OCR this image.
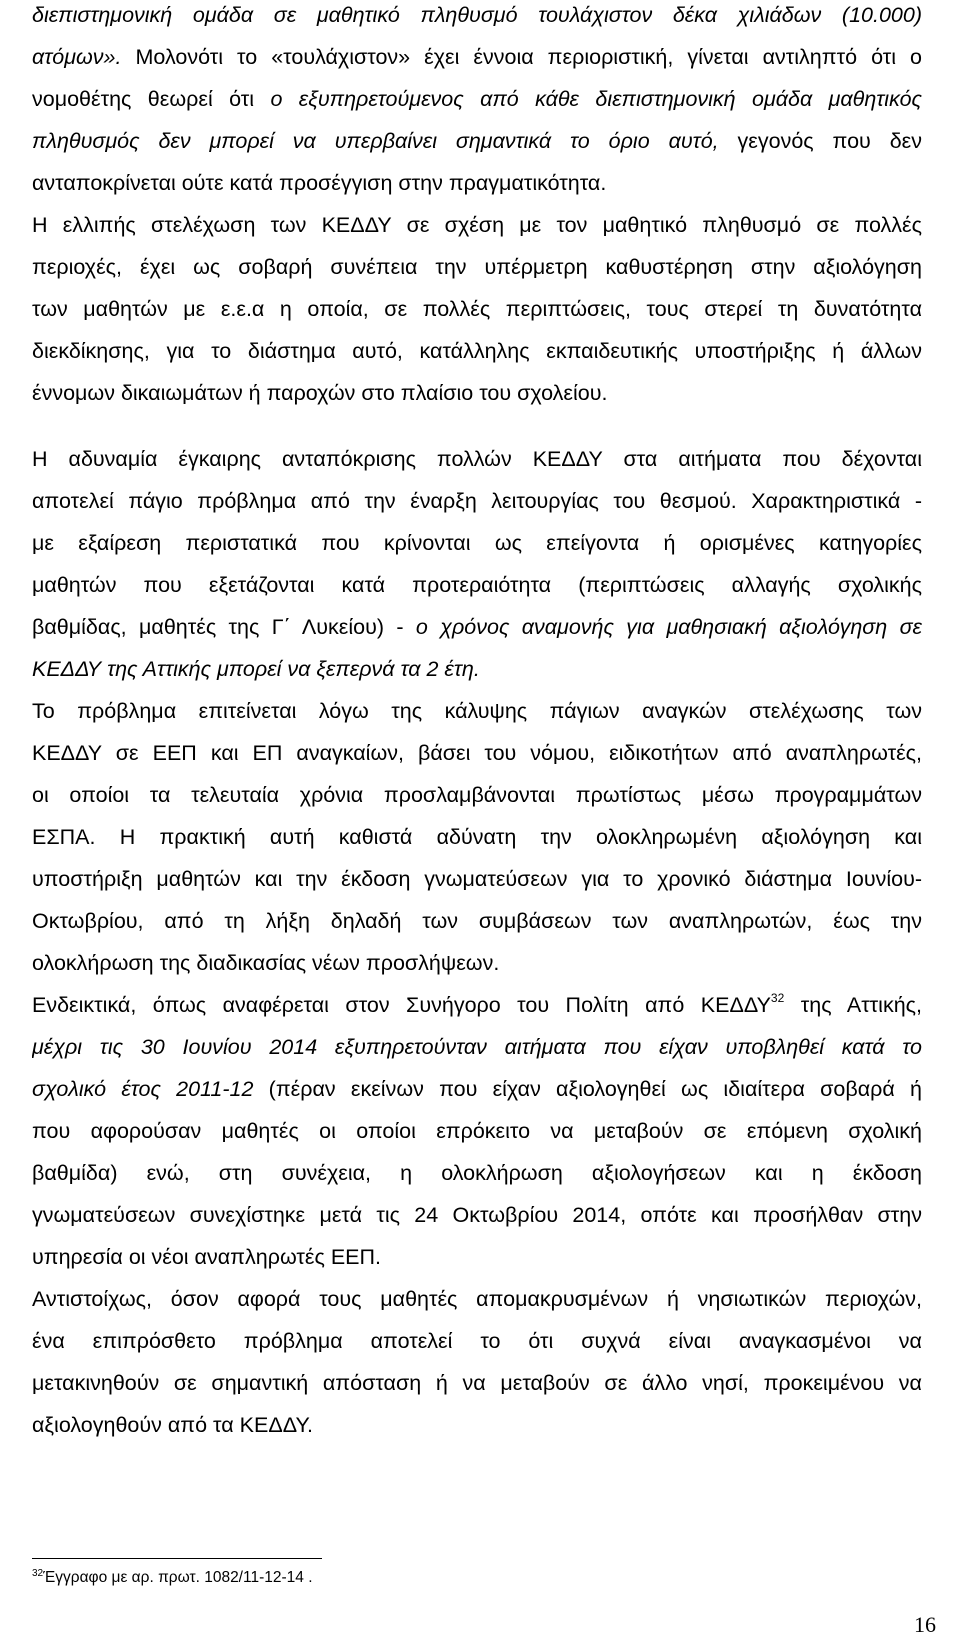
διεπιστημονική ομάδα σε μαθητικό πληθυσμό τουλάχιστον δέκα χιλιάδων (10.000)
ατόμων». Μολονότι το «τουλάχιστον» έχει έννοια περιοριστική, γίνεται αντιληπτό ότι ο
νομοθέτης θεωρεί ότι ο εξυπηρετούμενος από κάθε διεπιστημονική ομάδα μαθητικός
πληθυσμός δεν μπορεί να υπερβαίνει σημαντικά το όριο αυτό, γεγονός που δεν
ανταποκρίνεται ούτε κατά προσέγγιση στην πραγματικότητα.
Η ελλιπής στελέχωση των ΚΕΔΔΥ σε σχέση με τον μαθητικό πληθυσμό σε πολλές
περιοχές, έχει ως σοβαρή συνέπεια την υπέρμετρη καθυστέρηση στην αξιολόγηση
των μαθητών με ε.ε.α η οποία, σε πολλές περιπτώσεις, τους στερεί τη δυνατότητα
διεκδίκησης, για το διάστημα αυτό, κατάλληλης εκπαιδευτικής υποστήριξης ή άλλων
έννομων δικαιωμάτων ή παροχών στο πλαίσιο του σχολείου.
Η αδυναμία έγκαιρης ανταπόκρισης πολλών ΚΕΔΔΥ στα αιτήματα που δέχονται
αποτελεί πάγιο πρόβλημα από την έναρξη λειτουργίας του θεσμού. Χαρακτηριστικά -
με εξαίρεση περιστατικά που κρίνονται ως επείγοντα ή ορισμένες κατηγορίες
μαθητών που εξετάζονται κατά προτεραιότητα (περιπτώσεις αλλαγής σχολικής
βαθμίδας, μαθητές της Γ΄ Λυκείου) - ο χρόνος αναμονής για μαθησιακή αξιολόγηση σε
ΚΕΔΔΥ της Αττικής μπορεί να ξεπερνά τα 2 έτη.
Το πρόβλημα επιτείνεται λόγω της κάλυψης πάγιων αναγκών στελέχωσης των
ΚΕΔΔΥ σε ΕΕΠ και ΕΠ αναγκαίων, βάσει του νόμου, ειδικοτήτων από αναπληρωτές,
οι οποίοι τα τελευταία χρόνια προσλαμβάνονται πρωτίστως μέσω προγραμμάτων
ΕΣΠΑ. Η πρακτική αυτή καθιστά αδύνατη την ολοκληρωμένη αξιολόγηση και
υποστήριξη μαθητών και την έκδοση γνωματεύσεων για το χρονικό διάστημα Ιουνίου-
Οκτωβρίου, από τη λήξη δηλαδή των συμβάσεων των αναπληρωτών, έως την
ολοκλήρωση της διαδικασίας νέων προσλήψεων.
Ενδεικτικά, όπως αναφέρεται στον Συνήγορο του Πολίτη από ΚΕΔΔΥ$^{32}$ της Αττικής,
μέχρι τις 30 Ιουνίου 2014 εξυπηρετούνταν αιτήματα που είχαν υποβληθεί κατά το
σχολικό έτος 2011-12 (πέραν εκείνων που είχαν αξιολογηθεί ως ιδιαίτερα σοβαρά ή
που αφορούσαν μαθητές οι οποίοι επρόκειτο να μεταβούν σε επόμενη σχολική
βαθμίδα) ενώ, στη συνέχεια, η ολοκλήρωση αξιολογήσεων και η έκδοση
γνωματεύσεων συνεχίστηκε μετά τις 24 Οκτωβρίου 2014, οπότε και προσήλθαν στην
υπηρεσία οι νέοι αναπληρωτές ΕΕΠ.
Αντιστοίχως, όσον αφορά τους μαθητές απομακρυσμένων ή νησιωτικών περιοχών,
ένα επιπρόσθετο πρόβλημα αποτελεί το ότι συχνά είναι αναγκασμένοι να
μετακινηθούν σε σημαντική απόσταση ή να μεταβούν σε άλλο νησί, προκειμένου να
αξιολογηθούν από τα ΚΕΔΔΥ.
$^{32}$Έγγραφο με αρ. πρωτ. 1082/11-12-14 .
16
